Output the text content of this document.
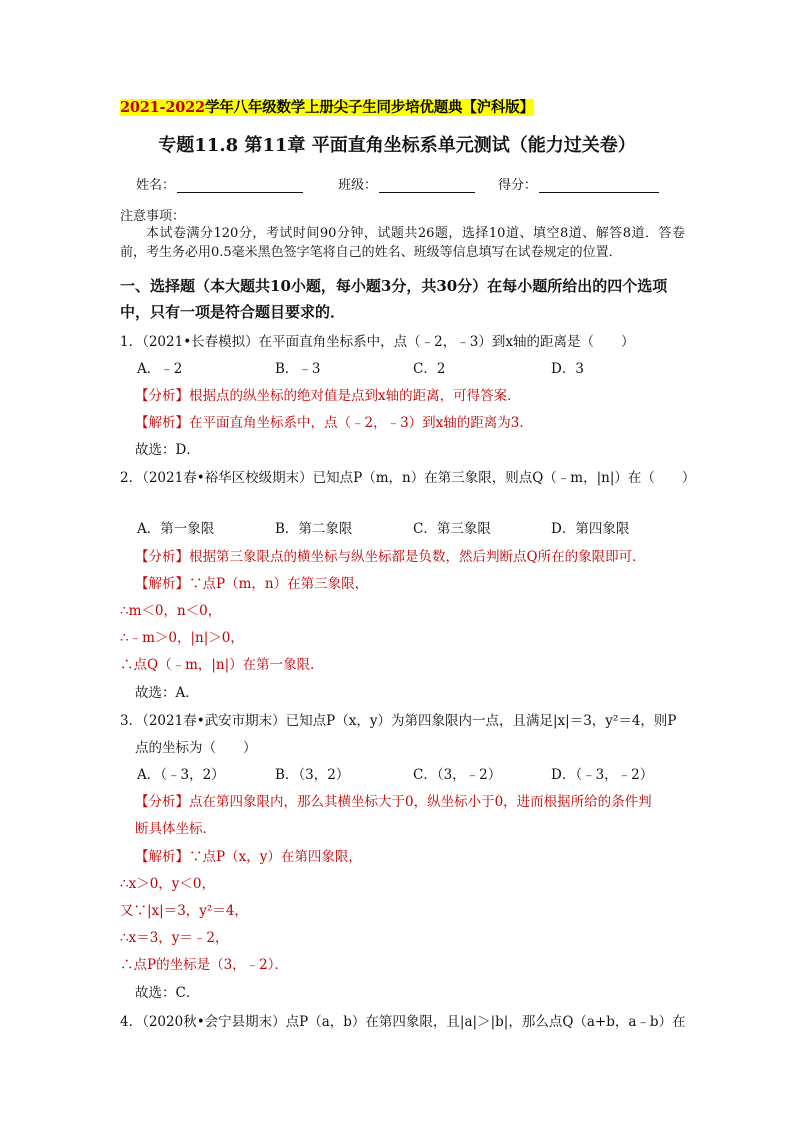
2021-2022学年八年级数学上册尖子生同步培优题典【沪科版】
专题11.8 第11章 平面直角坐标系单元测试（能力过关卷）
姓名：	班级：	得分：
注意事项：
本试卷满分120分，考试时间90分钟，试题共26题，选择10道、填空8道、解答8道．答卷前，考生务必用0.5毫米黑色签字笔将自己的姓名、班级等信息填写在试卷规定的位置．
一、选择题（本大题共10小题，每小题3分，共30分）在每小题所给出的四个选项中，只有一项是符合题目要求的．
1．（2021•长春模拟）在平面直角坐标系中，点（﹣2，﹣3）到x轴的距离是（　　）
A．﹣2	B．﹣3	C．2	D．3
【分析】根据点的纵坐标的绝对值是点到x轴的距离，可得答案．
【解析】在平面直角坐标系中，点（﹣2，﹣3）到x轴的距离为3．
故选：D．
2．（2021春•裕华区校级期末）已知点P（m，n）在第三象限，则点Q（﹣m，|n|）在（　　）
A．第一象限	B．第二象限	C．第三象限	D．第四象限
【分析】根据第三象限点的横坐标与纵坐标都是负数，然后判断点Q所在的象限即可．
【解析】∵点P（m，n）在第三象限，
∴m＜0，n＜0，
∴﹣m＞0，|n|＞0，
∴点Q（﹣m，|n|）在第一象限．
故选：A．
3．（2021春•武安市期末）已知点P（x，y）为第四象限内一点，且满足|x|＝3，y²＝4，则P
点的坐标为（　　）
A．（﹣3，2）	B．（3，2）	C．（3，﹣2）	D．（﹣3，﹣2）
【分析】点在第四象限内，那么其横坐标大于0，纵坐标小于0，进而根据所给的条件判
断具体坐标．
【解析】∵点P（x，y）在第四象限，
∴x＞0，y＜0，
又∵|x|＝3，y²＝4，
∴x＝3，y＝﹣2，
∴点P的坐标是（3，﹣2）．
故选：C．
4．（2020秋•会宁县期末）点P（a，b）在第四象限，且|a|＞|b|，那么点Q（a+b，a﹣b）在
